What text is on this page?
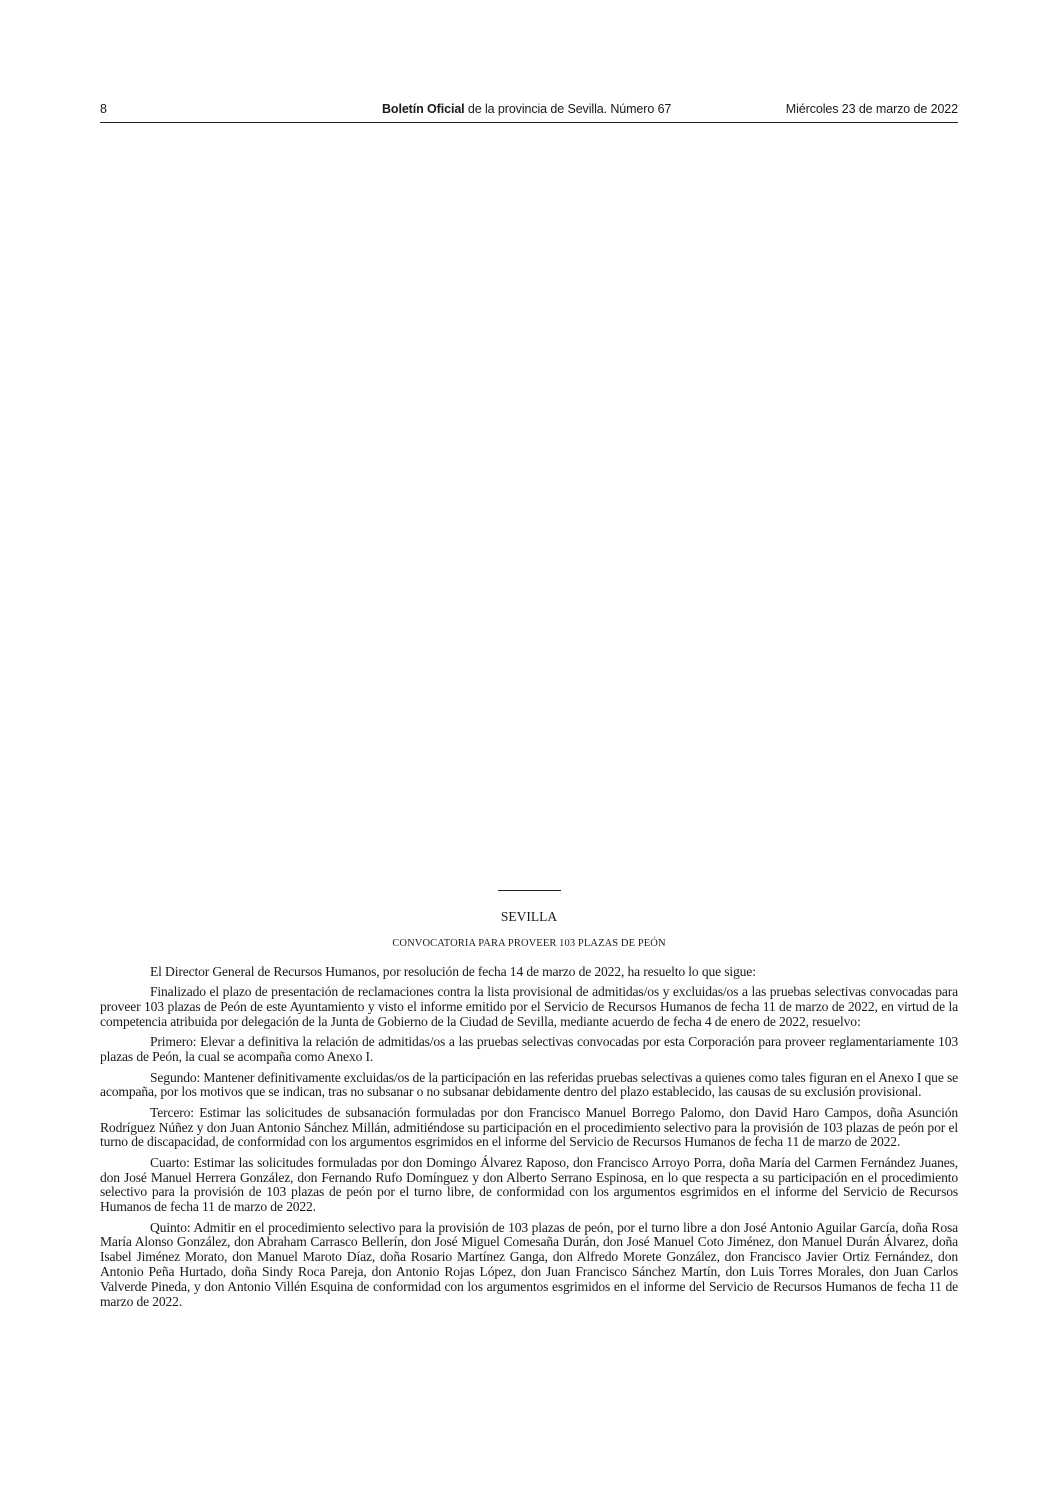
8	Boletín Oficial de la provincia de Sevilla. Número 67	Miércoles 23 de marzo de 2022
SEVILLA
CONVOCATORIA PARA PROVEER 103 PLAZAS DE PEÓN

El Director General de Recursos Humanos, por resolución de fecha 14 de marzo de 2022, ha resuelto lo que sigue:

Finalizado el plazo de presentación de reclamaciones contra la lista provisional de admitidas/os y excluidas/os a las pruebas selectivas convocadas para proveer 103 plazas de Peón de este Ayuntamiento y visto el informe emitido por el Servicio de Recursos Humanos de fecha 11 de marzo de 2022, en virtud de la competencia atribuida por delegación de la Junta de Gobierno de la Ciudad de Sevilla, mediante acuerdo de fecha 4 de enero de 2022, resuelvo:

Primero: Elevar a definitiva la relación de admitidas/os a las pruebas selectivas convocadas por esta Corporación para proveer reglamentariamente 103 plazas de Peón, la cual se acompaña como Anexo I.

Segundo: Mantener definitivamente excluidas/os de la participación en las referidas pruebas selectivas a quienes como tales figuran en el Anexo I que se acompaña, por los motivos que se indican, tras no subsanar o no subsanar debidamente dentro del plazo establecido, las causas de su exclusión provisional.

Tercero: Estimar las solicitudes de subsanación formuladas por don Francisco Manuel Borrego Palomo, don David Haro Campos, doña Asunción Rodríguez Núñez y don Juan Antonio Sánchez Millán, admitiéndose su participación en el procedimiento selectivo para la provisión de 103 plazas de peón por el turno de discapacidad, de conformidad con los argumentos esgrimidos en el informe del Servicio de Recursos Humanos de fecha 11 de marzo de 2022.

Cuarto: Estimar las solicitudes formuladas por don Domingo Álvarez Raposo, don Francisco Arroyo Porra, doña María del Carmen Fernández Juanes, don José Manuel Herrera González, don Fernando Rufo Domínguez y don Alberto Serrano Espinosa, en lo que respecta a su participación en el procedimiento selectivo para la provisión de 103 plazas de peón por el turno libre, de conformidad con los argumentos esgrimidos en el informe del Servicio de Recursos Humanos de fecha 11 de marzo de 2022.

Quinto: Admitir en el procedimiento selectivo para la provisión de 103 plazas de peón, por el turno libre a don José Antonio Aguilar García, doña Rosa María Alonso González, don Abraham Carrasco Bellerín, don José Miguel Comesaña Durán, don José Manuel Coto Jiménez, don Manuel Durán Álvarez, doña Isabel Jiménez Morato, don Manuel Maroto Díaz, doña Rosario Martínez Ganga, don Alfredo Morete González, don Francisco Javier Ortiz Fernández, don Antonio Peña Hurtado, doña Sindy Roca Pareja, don Antonio Rojas López, don Juan Francisco Sánchez Martín, don Luis Torres Morales, don Juan Carlos Valverde Pineda, y don Antonio Villén Esquina de conformidad con los argumentos esgrimidos en el informe del Servicio de Recursos Humanos de fecha 11 de marzo de 2022.
